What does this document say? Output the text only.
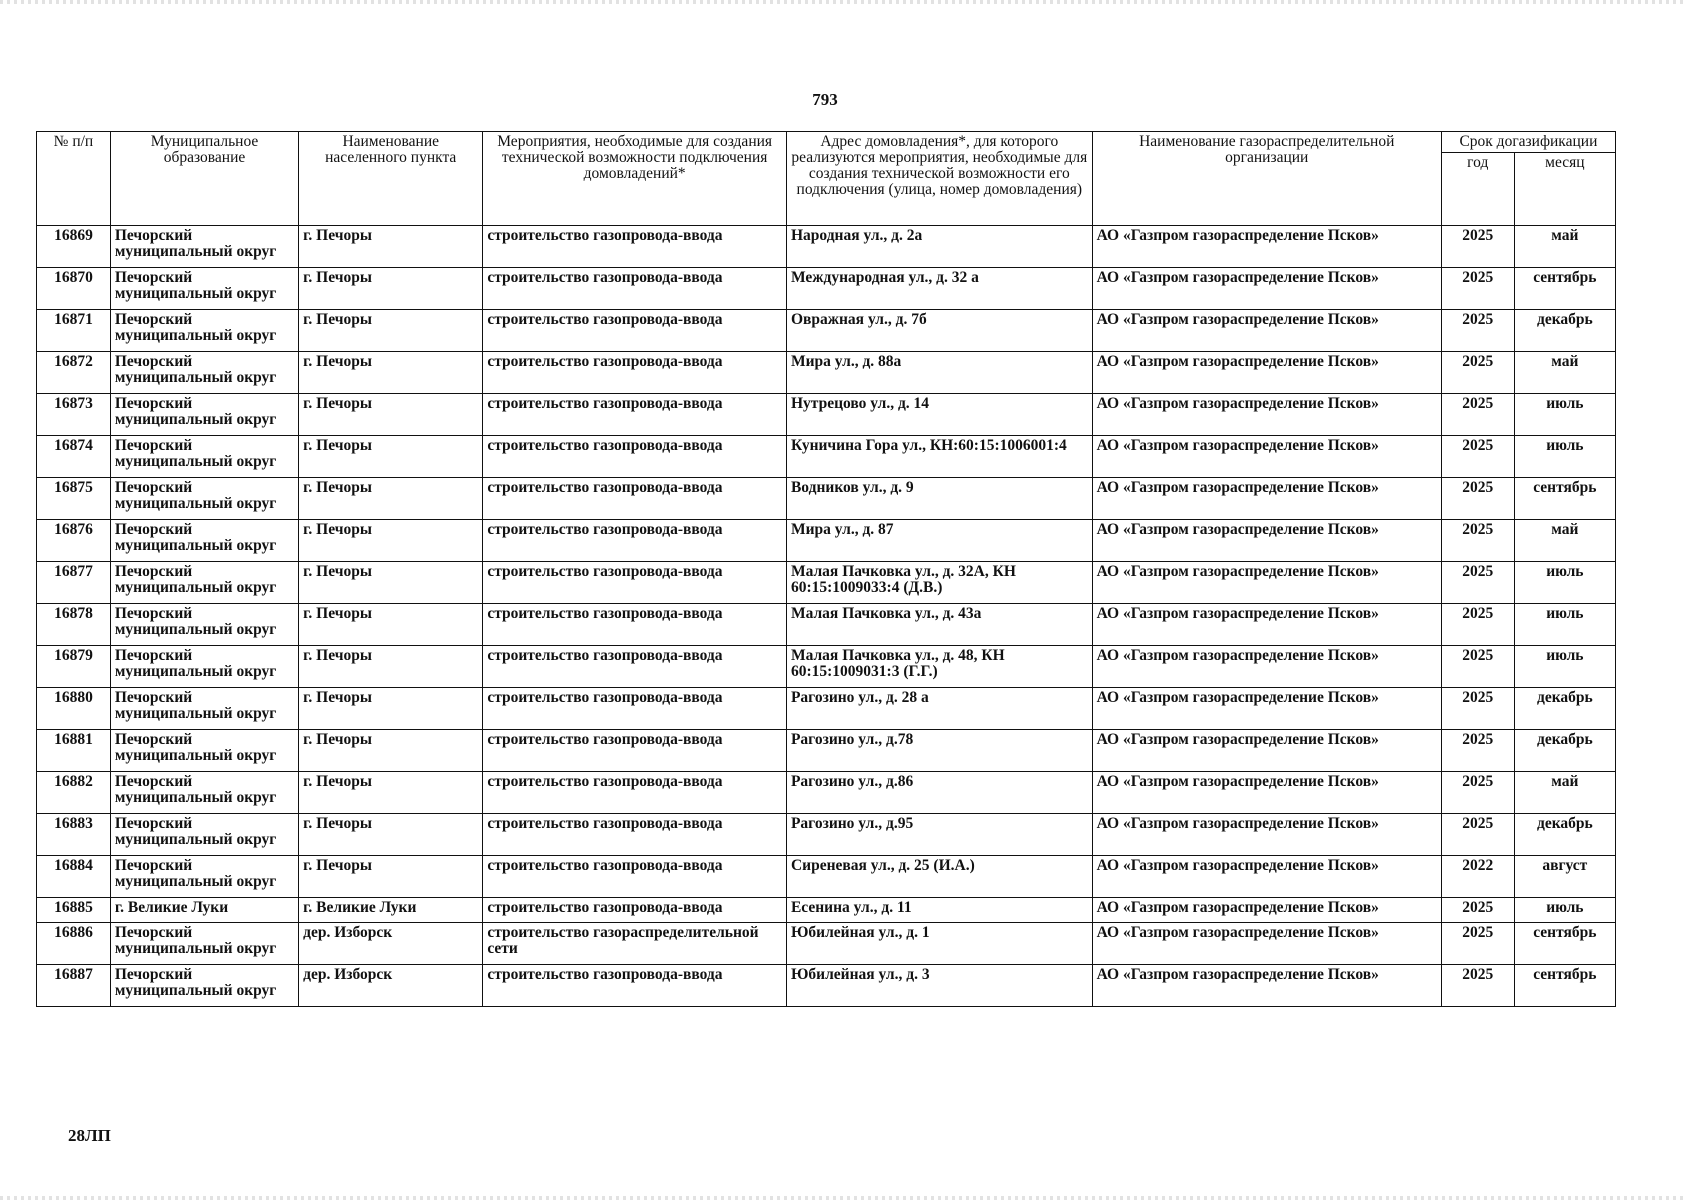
793
№ п/п	Муниципальное образование	Наименование населенного пункта	Мероприятия, необходимые для создания технической возможности подключения домовладений*	Адрес домовладения*, для которого реализуются мероприятия, необходимые для создания технической возможности его подключения (улица, номер домовладения)	Наименование газораспределительной организации	Срок догазификации	
						год	месяц
16869	Печорский муниципальный округ	г. Печоры	строительство газопровода-ввода	Народная ул., д. 2а	АО «Газпром газораспределение Псков»	2025	май
16870	Печорский муниципальный округ	г. Печоры	строительство газопровода-ввода	Международная ул., д. 32 а	АО «Газпром газораспределение Псков»	2025	сентябрь
16871	Печорский муниципальный округ	г. Печоры	строительство газопровода-ввода	Овражная ул., д. 7б	АО «Газпром газораспределение Псков»	2025	декабрь
16872	Печорский муниципальный округ	г. Печоры	строительство газопровода-ввода	Мира ул., д. 88а	АО «Газпром газораспределение Псков»	2025	май
16873	Печорский муниципальный округ	г. Печоры	строительство газопровода-ввода	Нутрецово ул., д. 14	АО «Газпром газораспределение Псков»	2025	июль
16874	Печорский муниципальный округ	г. Печоры	строительство газопровода-ввода	Куничина Гора ул., КН:60:15:1006001:4	АО «Газпром газораспределение Псков»	2025	июль
16875	Печорский муниципальный округ	г. Печоры	строительство газопровода-ввода	Водников ул., д. 9	АО «Газпром газораспределение Псков»	2025	сентябрь
16876	Печорский муниципальный округ	г. Печоры	строительство газопровода-ввода	Мира ул., д. 87	АО «Газпром газораспределение Псков»	2025	май
16877	Печорский муниципальный округ	г. Печоры	строительство газопровода-ввода	Малая Пачковка ул., д. 32А, КН 60:15:1009033:4 (Д.В.)	АО «Газпром газораспределение Псков»	2025	июль
16878	Печорский муниципальный округ	г. Печоры	строительство газопровода-ввода	Малая Пачковка ул., д. 43а	АО «Газпром газораспределение Псков»	2025	июль
16879	Печорский муниципальный округ	г. Печоры	строительство газопровода-ввода	Малая Пачковка ул., д. 48, КН 60:15:1009031:3 (Г.Г.)	АО «Газпром газораспределение Псков»	2025	июль
16880	Печорский муниципальный округ	г. Печоры	строительство газопровода-ввода	Рагозино ул., д. 28 а	АО «Газпром газораспределение Псков»	2025	декабрь
16881	Печорский муниципальный округ	г. Печоры	строительство газопровода-ввода	Рагозино ул., д.78	АО «Газпром газораспределение Псков»	2025	декабрь
16882	Печорский муниципальный округ	г. Печоры	строительство газопровода-ввода	Рагозино ул., д.86	АО «Газпром газораспределение Псков»	2025	май
16883	Печорский муниципальный округ	г. Печоры	строительство газопровода-ввода	Рагозино ул., д.95	АО «Газпром газораспределение Псков»	2025	декабрь
16884	Печорский муниципальный округ	г. Печоры	строительство газопровода-ввода	Сиреневая ул., д. 25 (И.А.)	АО «Газпром газораспределение Псков»	2022	август
16885	г. Великие Луки	г. Великие Луки	строительство газопровода-ввода	Есенина ул., д. 11	АО «Газпром газораспределение Псков»	2025	июль
16886	Печорский муниципальный округ	дер. Изборск	строительство газораспределительной сети	Юбилейная ул., д. 1	АО «Газпром газораспределение Псков»	2025	сентябрь
16887	Печорский муниципальный округ	дер. Изборск	строительство газопровода-ввода	Юбилейная ул., д. 3	АО «Газпром газораспределение Псков»	2025	сентябрь
28ЛП
